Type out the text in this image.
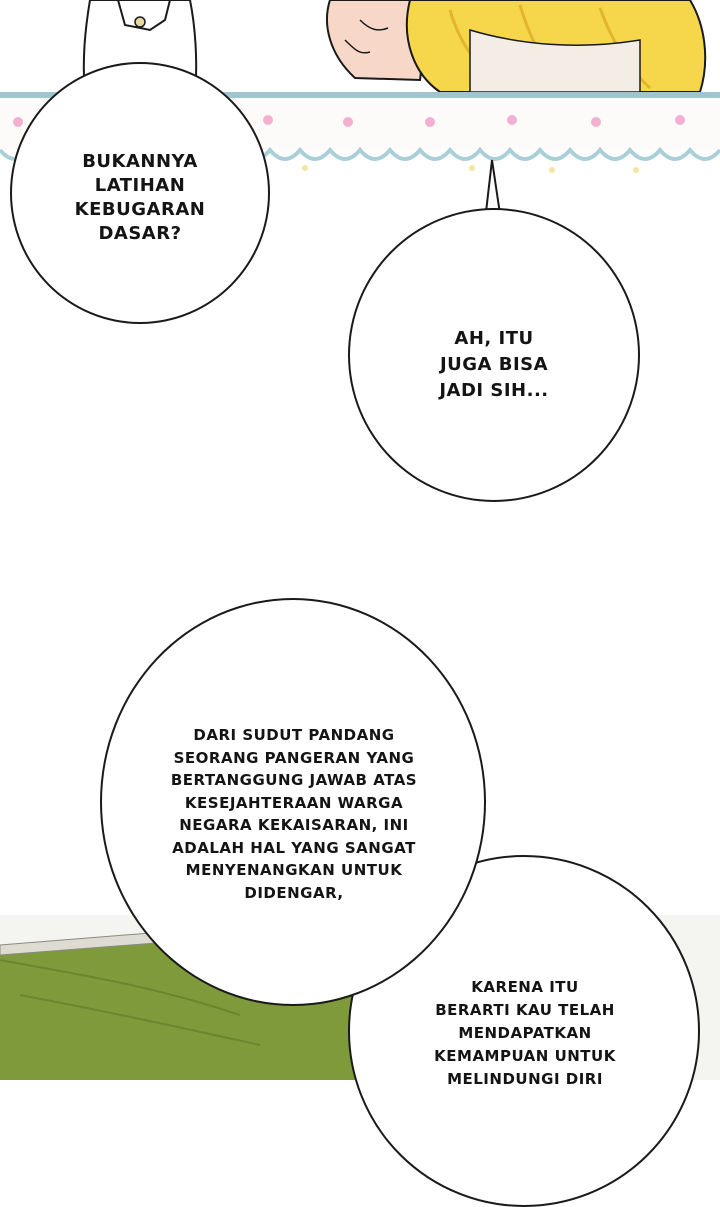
BUKANNYA
LATIHAN
KEBUGARAN
DASAR?
AH, ITU
JUGA BISA
JADI SIH...
DARI SUDUT PANDANG
SEORANG PANGERAN YANG
BERTANGGUNG JAWAB ATAS
KESEJAHTERAAN WARGA
NEGARA KEKAISARAN, INI
ADALAH HAL YANG SANGAT
MENYENANGKAN UNTUK
DIDENGAR,
KARENA ITU
BERARTI KAU TELAH
MENDAPATKAN
KEMAMPUAN UNTUK
MELINDUNGI DIRI
